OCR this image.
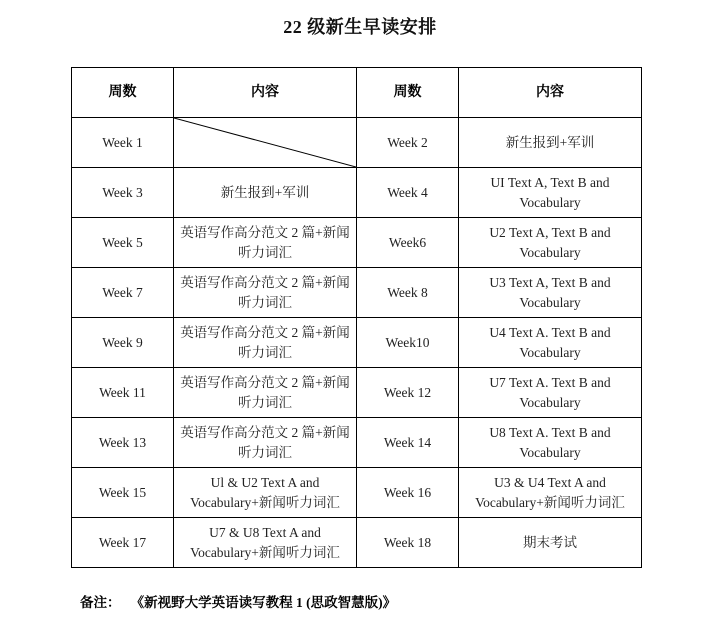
22 级新生早读安排
周数	内容	周数	内容
Week 1		Week 2	新生报到+军训
Week 3	新生报到+军训	Week 4	UI Text A, Text B and Vocabulary
Week 5	英语写作高分范文 2 篇+新闻听力词汇	Week6	U2 Text A, Text B and Vocabulary
Week 7	英语写作高分范文 2 篇+新闻听力词汇	Week 8	U3 Text A, Text B and Vocabulary
Week 9	英语写作高分范文 2 篇+新闻听力词汇	Week10	U4 Text A. Text B and Vocabulary
Week 11	英语写作高分范文 2 篇+新闻听力词汇	Week 12	U7 Text A. Text B and Vocabulary
Week 13	英语写作高分范文 2 篇+新闻听力词汇	Week 14	U8 Text A. Text B and Vocabulary
Week 15	Ul & U2 Text A and Vocabulary+新闻听力词汇	Week 16	U3 & U4 Text A and Vocabulary+新闻听力词汇
Week 17	U7 & U8 Text A and Vocabulary+新闻听力词汇	Week 18	期末考试
备注： 《新视野大学英语读写教程 1 (思政智慧版)》
